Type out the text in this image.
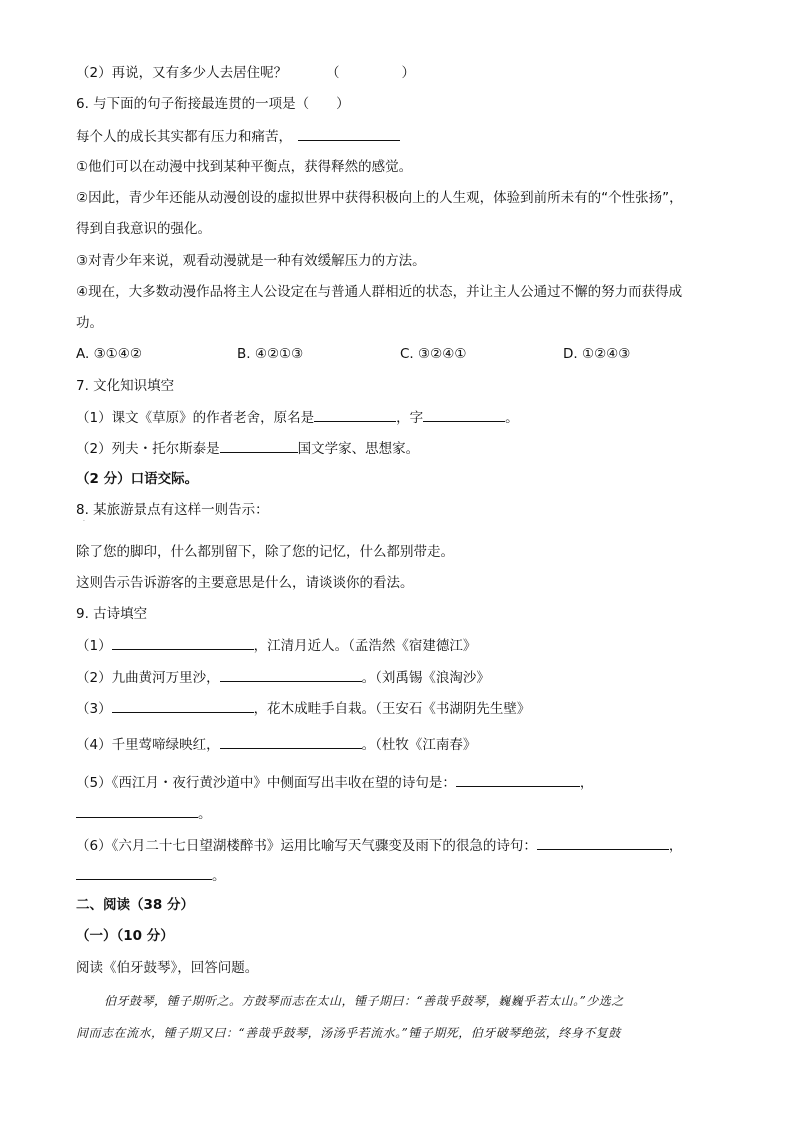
（2）再说，又有多少人去居住呢？	（	）
6. 与下面的句子衔接最连贯的一项是（　　）
每个人的成长其实都有压力和痛苦，
①他们可以在动漫中找到某种平衡点，获得释然的感觉。
②因此，青少年还能从动漫创设的虚拟世界中获得积极向上的人生观，体验到前所未有的“个性张扬”，
得到自我意识的强化。
③对青少年来说，观看动漫就是一种有效缓解压力的方法。
④现在，大多数动漫作品将主人公设定在与普通人群相近的状态，并让主人公通过不懈的努力而获得成
功。
A. ③①④②	B. ④②①③	C. ③②④①	D. ①②④③
7. 文化知识填空
（1）课文《草原》的作者老舍，原名是	，字	。
（2）列夫・托尔斯泰是	国文学家、思想家。
（2 分）口语交际。
8. 某旅游景点有这样一则告示：
·
除了您的脚印，什么都别留下，除了您的记忆，什么都别带走。
这则告示告诉游客的主要意思是什么，请谈谈你的看法。
9. 古诗填空
（1）	，江清月近人。（孟浩然《宿建德江》
（2）九曲黄河万里沙，	。（刘禹锡《浪淘沙》
（3）	，花木成畦手自栽。（王安石《书湖阴先生壁》
（4）千里莺啼绿映红，	。（杜牧《江南春》
（5）《西江月・夜行黄沙道中》中侧面写出丰收在望的诗句是：	，
。
（6）《六月二十七日望湖楼醉书》运用比喻写天气骤变及雨下的很急的诗句：	，
。
二、阅读（38 分）
（一）（10 分）
阅读《伯牙鼓琴》，回答问题。
伯牙鼓琴，锺子期听之。方鼓琴而志在太山，锺子期曰：“善哉乎鼓琴，巍巍乎若太山。”少选之
间而志在流水，锺子期又曰：“善哉乎鼓琴，汤汤乎若流水。”锺子期死，伯牙破琴绝弦，终身不复鼓
